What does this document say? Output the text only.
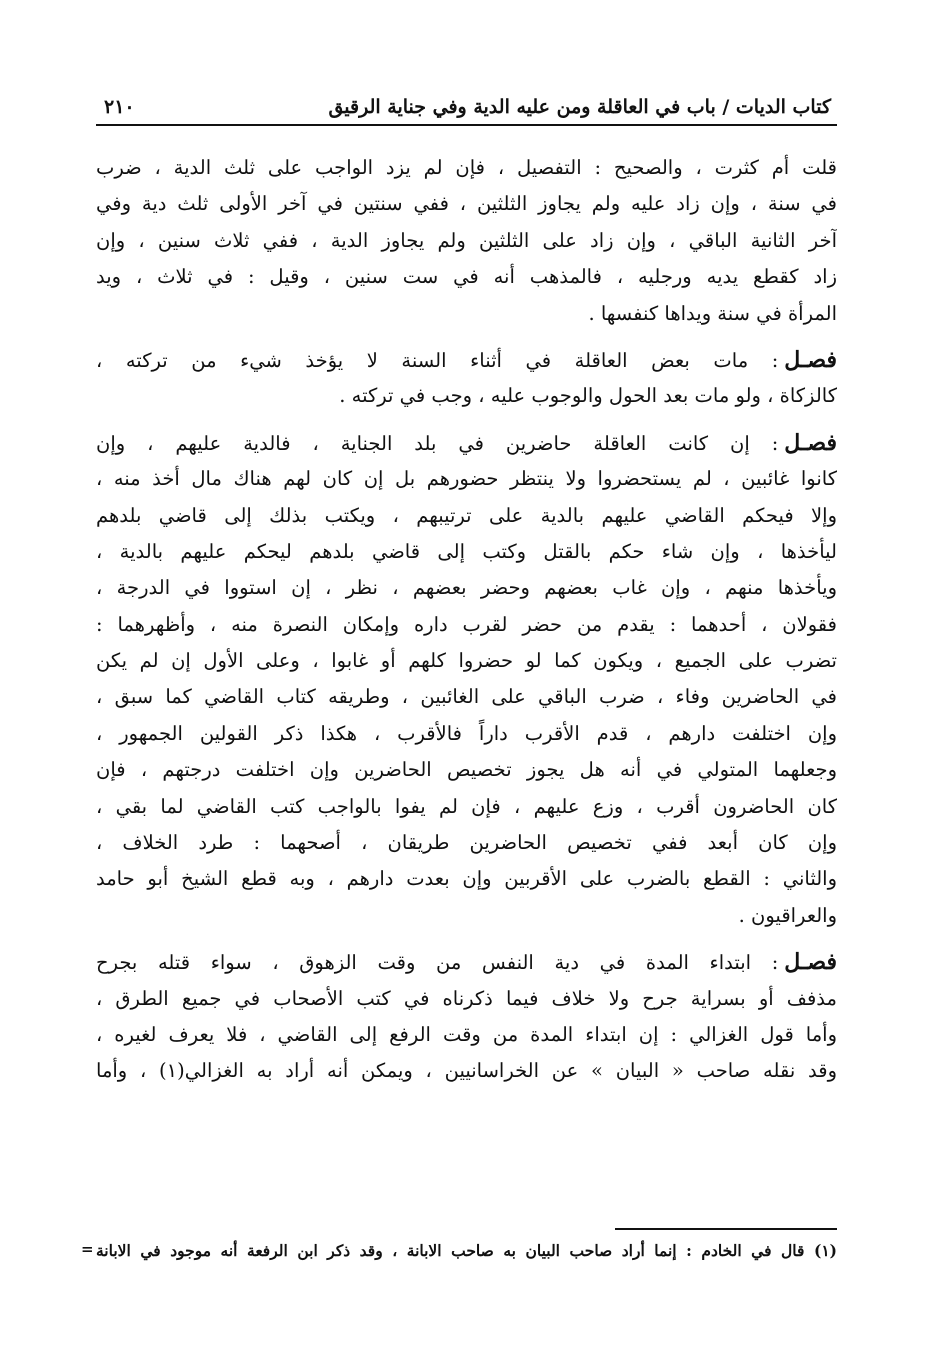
كتاب الديات / باب في العاقلة ومن عليه الدية وفي جناية الرقيق
٢١٠
قلت أم كثرت ، والصحيح : التفصيل ، فإن لم يزد الواجب على ثلث الدية ، ضرب
في سنة ، وإن زاد عليه ولم يجاوز الثلثين ، ففي سنتين في آخر الأولى ثلث دية وفي
آخر الثانية الباقي ، وإن زاد على الثلثين ولم يجاوز الدية ، ففي ثلاث سنين ، وإن
زاد كقطع يديه ورجليه ، فالمذهب أنه في ست سنين ، وقيل : في ثلاث ، ويد
المرأة في سنة ويداها كنفسها .
فصـل: مات بعض العاقلة في أثناء السنة لا يؤخذ شيء من تركته ،
كالزكاة ، ولو مات بعد الحول والوجوب عليه ، وجب في تركته .
فصـل: إن كانت العاقلة حاضرين في بلد الجناية ، فالدية عليهم ، وإن
كانوا غائبين ، لم يستحضروا ولا ينتظر حضورهم بل إن كان لهم هناك مال أخذ منه ،
وإلا فيحكم القاضي عليهم بالدية على ترتيبهم ، ويكتب بذلك إلى قاضي بلدهم
ليأخذها ، وإن شاء حكم بالقتل وكتب إلى قاضي بلدهم ليحكم عليهم بالدية ،
ويأخذها منهم ، وإن غاب بعضهم وحضر بعضهم ، نظر ، إن استووا في الدرجة ،
فقولان ، أحدهما : يقدم من حضر لقرب داره وإمكان النصرة منه ، وأظهرهما :
تضرب على الجميع ، ويكون كما لو حضروا كلهم أو غابوا ، وعلى الأول إن لم يكن
في الحاضرين وفاء ، ضرب الباقي على الغائبين ، وطريقه كتاب القاضي كما سبق ،
وإن اختلفت دارهم ، قدم الأقرب داراً فالأقرب ، هكذا ذكر القولين الجمهور ،
وجعلهما المتولي في أنه هل يجوز تخصيص الحاضرين وإن اختلفت درجتهم ، فإن
كان الحاضرون أقرب ، وزع عليهم ، فإن لم يفوا بالواجب كتب القاضي لما بقي ،
وإن كان أبعد ففي تخصيص الحاضرين طريقان ، أصحهما : طرد الخلاف ،
والثاني : القطع بالضرب على الأقربين وإن بعدت دارهم ، وبه قطع الشيخ أبو حامد
والعراقيون .
فصـل: ابتداء المدة في دية النفس من وقت الزهوق ، سواء قتله بجرح
مذفف أو بسراية جرح ولا خلاف فيما ذكرناه في كتب الأصحاب في جميع الطرق ،
وأما قول الغزالي : إن ابتداء المدة من وقت الرفع إلى القاضي ، فلا يعرف لغيره ،
وقد نقله صاحب « البيان » عن الخراسانيين ، ويمكن أنه أراد به الغزالي(١) ، وأما
(١) قال في الخادم : إنما أراد صاحب البيان به صاحب الابانة ، وقد ذكر ابن الرفعة أنه موجود في الابانة
=
